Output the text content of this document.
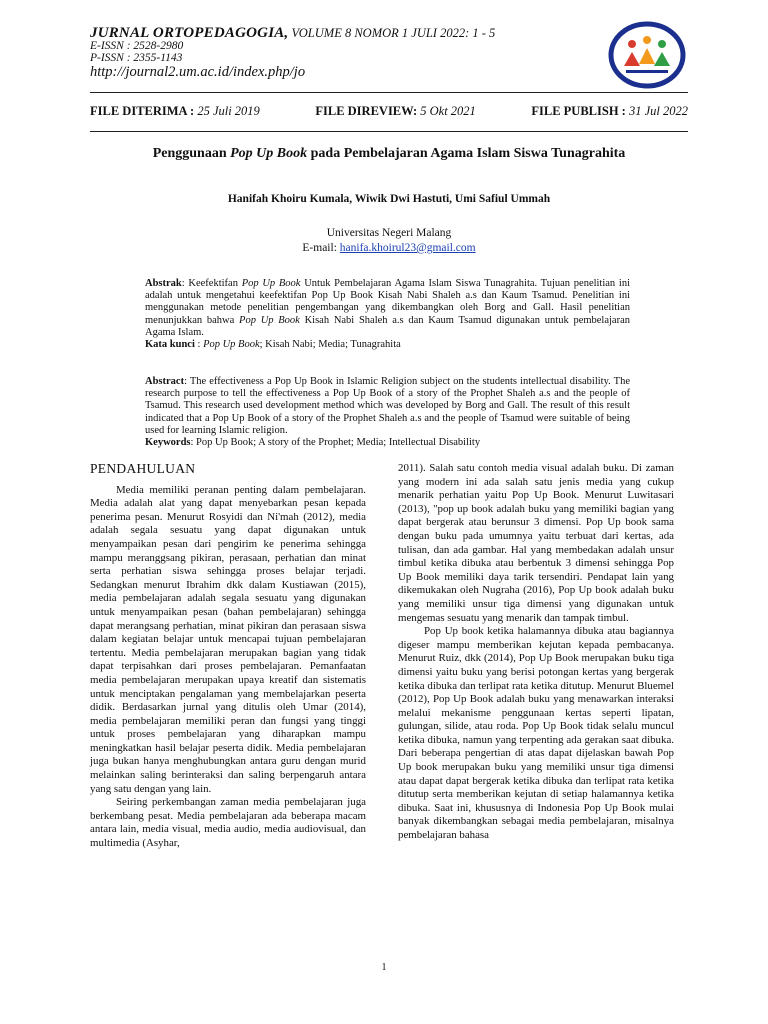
JURNAL ORTOPEDAGOGIA, VOLUME 8 NOMOR 1 JULI 2022: 1 - 5
E-ISSN : 2528-2980
P-ISSN : 2355-1143
http://journal2.um.ac.id/index.php/jo
FILE DITERIMA : 25 Juli 2019	FILE DIREVIEW: 5 Okt 2021	FILE PUBLISH : 31 Jul 2022
Penggunaan Pop Up Book pada Pembelajaran Agama Islam Siswa Tunagrahita
Hanifah Khoiru Kumala, Wiwik Dwi Hastuti, Umi Safiul Ummah
Universitas Negeri Malang
E-mail: hanifa.khoirul23@gmail.com
Abstrak: Keefektifan Pop Up Book Untuk Pembelajaran Agama Islam Siswa Tunagrahita. Tujuan penelitian ini adalah untuk mengetahui keefektifan Pop Up Book Kisah Nabi Shaleh a.s dan Kaum Tsamud. Penelitian ini menggunakan metode penelitian pengembangan yang dikembangkan oleh Borg and Gall. Hasil penelitian menunjukkan bahwa Pop Up Book Kisah Nabi Shaleh a.s dan Kaum Tsamud digunakan untuk pembelajaran Agama Islam.
Kata kunci : Pop Up Book; Kisah Nabi; Media; Tunagrahita
Abstract: The effectiveness a Pop Up Book in Islamic Religion subject on the students intellectual disability. The research purpose to tell the effectiveness a Pop Up Book of a story of the Prophet Shaleh a.s and the people of Tsamud. This research used development method which was developed by Borg and Gall. The result of this result indicated that a Pop Up Book of a story of the Prophet Shaleh a.s and the people of Tsamud were suitable of being used for learning Islamic religion.
Keywords: Pop Up Book; A story of the Prophet; Media; Intellectual Disability
PENDAHULUAN

Media memiliki peranan penting dalam pembelajaran. Media adalah alat yang dapat menyebarkan pesan kepada penerima pesan. Menurut Rosyidi dan Ni'mah (2012), media adalah segala sesuatu yang dapat digunakan untuk menyampaikan pesan dari pengirim ke penerima sehingga mampu meranggsang pikiran, perasaan, perhatian dan minat serta perhatian siswa sehingga proses belajar terjadi. Sedangkan menurut Ibrahim dkk dalam Kustiawan (2015), media pembelajaran adalah segala sesuatu yang digunakan untuk menyampaikan pesan (bahan pembelajaran) sehingga dapat merangsang perhatian, minat pikiran dan perasaan siswa dalam kegiatan belajar untuk mencapai tujuan pembelajaran tertentu. Media pembelajaran merupakan bagian yang tidak dapat terpisahkan dari proses pembelajaran. Pemanfaatan media pembelajaran merupakan upaya kreatif dan sistematis untuk menciptakan pengalaman yang membelajarkan peserta didik. Berdasarkan jurnal yang ditulis oleh Umar (2014), media pembelajaran memiliki peran dan fungsi yang tinggi untuk proses pembelajaran yang diharapkan mampu meningkatkan hasil belajar peserta didik. Media pembelajaran juga bukan hanya menghubungkan antara guru dengan murid melainkan saling berinteraksi dan saling berpengaruh antara yang satu dengan yang lain.

Seiring perkembangan zaman media pembelajaran juga berkembang pesat. Media pembelajaran ada beberapa macam antara lain, media visual, media audio, media audiovisual, dan multimedia (Asyhar,

2011). Salah satu contoh media visual adalah buku. Di zaman yang modern ini ada salah satu jenis media yang cukup menarik perhatian yaitu Pop Up Book. Menurut Luwitasari (2013), "pop up book adalah buku yang memiliki bagian yang dapat bergerak atau berunsur 3 dimensi. Pop Up book sama dengan buku pada umumnya yaitu terbuat dari kertas, ada tulisan, dan ada gambar. Hal yang membedakan adalah unsur timbul ketika dibuka atau berbentuk 3 dimensi sehingga Pop Up Book memiliki daya tarik tersendiri. Pendapat lain yang dikemukakan oleh Nugraha (2016), Pop Up book adalah buku yang memiliki unsur tiga dimensi yang digunakan untuk mengemas sesuatu yang menarik dan tampak timbul.

Pop Up book ketika halamannya dibuka atau bagiannya digeser mampu memberikan kejutan kepada pembacanya. Menurut Ruiz, dkk (2014), Pop Up Book merupakan buku tiga dimensi yaitu buku yang berisi potongan kertas yang bergerak ketika dibuka dan terlipat rata ketika ditutup. Menurut Bluemel (2012), Pop Up Book adalah buku yang menawarkan interaksi melalui mekanisme penggunaan kertas seperti lipatan, gulungan, silide, atau roda. Pop Up Book tidak selalu muncul ketika dibuka, namun yang terpenting ada gerakan saat dibuka. Dari beberapa pengertian di atas dapat dijelaskan bawah Pop Up book merupakan buku yang memiliki unsur tiga dimensi atau dapat dapat bergerak ketika dibuka dan terlipat rata ketika ditutup serta memberikan kejutan di setiap halamannya ketika dibuka. Saat ini, khususnya di Indonesia Pop Up Book mulai banyak dikembangkan sebagai media pembelajaran, misalnya pembelajaran bahasa

1
